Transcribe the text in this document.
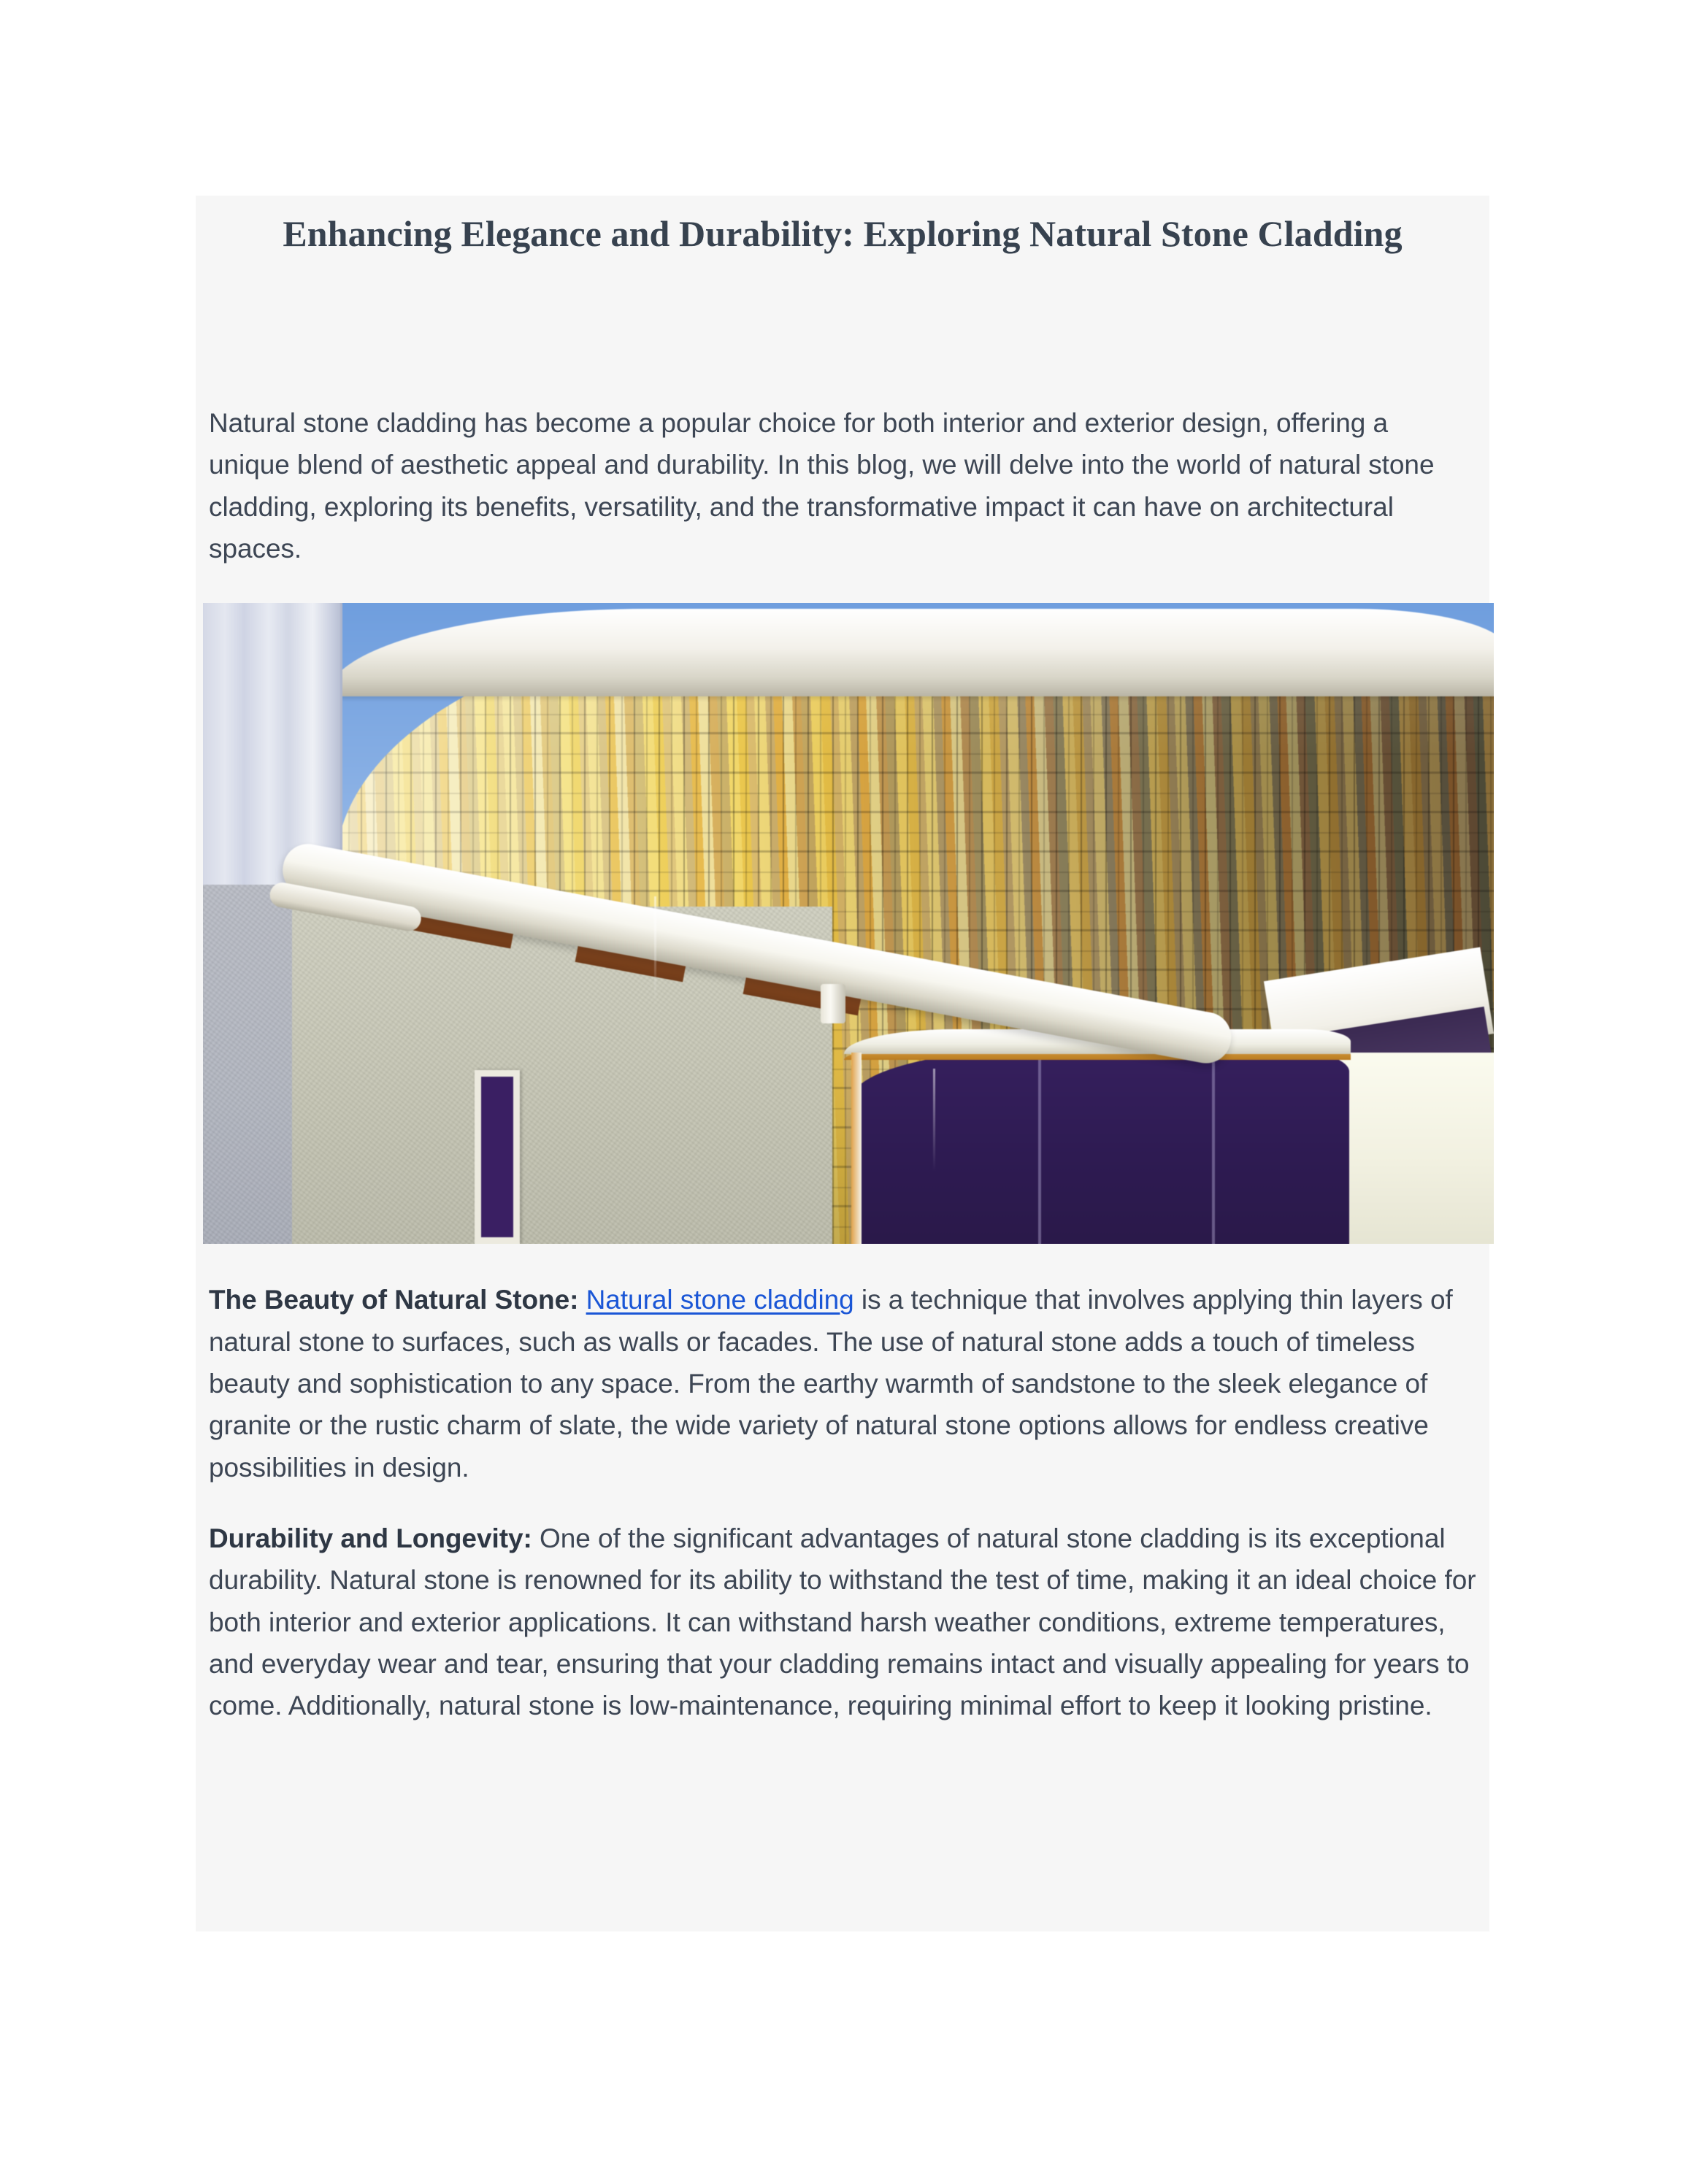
Enhancing Elegance and Durability: Exploring Natural Stone Cladding

Natural stone cladding has become a popular choice for both interior and exterior design, offering a unique blend of aesthetic appeal and durability. In this blog, we will delve into the world of natural stone cladding, exploring its benefits, versatility, and the transformative impact it can have on architectural spaces.

The Beauty of Natural Stone: Natural stone cladding is a technique that involves applying thin layers of natural stone to surfaces, such as walls or facades. The use of natural stone adds a touch of timeless beauty and sophistication to any space. From the earthy warmth of sandstone to the sleek elegance of granite or the rustic charm of slate, the wide variety of natural stone options allows for endless creative possibilities in design.

Durability and Longevity: One of the significant advantages of natural stone cladding is its exceptional durability. Natural stone is renowned for its ability to withstand the test of time, making it an ideal choice for both interior and exterior applications. It can withstand harsh weather conditions, extreme temperatures, and everyday wear and tear, ensuring that your cladding remains intact and visually appealing for years to come. Additionally, natural stone is low-maintenance, requiring minimal effort to keep it looking pristine.
